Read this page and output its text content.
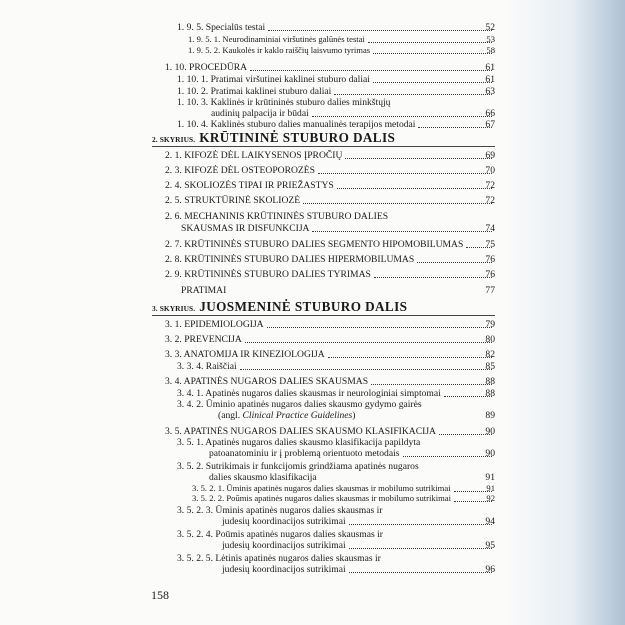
1. 9. 5. Specialūs testai	52
1. 9. 5. 1. Neurodinaminiai viršutinės galūnės testai	53
1. 9. 5. 2. Kaukolės ir kaklo raiščių laisvumo tyrimas	58
1. 10. PROCEDŪRA	61
1. 10. 1. Pratimai viršutinei kaklinei stuburo daliai	61
1. 10. 2. Pratimai kaklinei stuburo daliai	63
1. 10. 3. Kaklinės ir krūtininės stuburo dalies minkštųjų
audinių palpacija ir būdai	66
1. 10. 4. Kaklinės stuburo dalies manualinės terapijos metodai	67
2. SKYRIUS. KRŪTININĖ STUBURO DALIS
2. 1. KIFOZĖ DĖL LAIKYSENOS ĮPROČIŲ	69
2. 3. KIFOZĖ DĖL OSTEOPOROZĖS	70
2. 4. SKOLIOZĖS TIPAI IR PRIEŽASTYS	72
2. 5. STRUKTŪRINĖ SKOLIOZĖ	72
2. 6. MECHANINIS KRŪTININĖS STUBURO DALIES
SKAUSMAS IR DISFUNKCIJA	74
2. 7. KRŪTININĖS STUBURO DALIES SEGMENTO HIPOMOBILUMAS 75
2. 8. KRŪTININĖS STUBURO DALIES HIPERMOBILUMAS	76
2. 9. KRŪTININĖS STUBURO DALIES TYRIMAS	76
PRATIMAI	77
3. SKYRIUS. JUOSMENINĖ STUBURO DALIS
3. 1. EPIDEMIOLOGIJA	79
3. 2. PREVENCIJA	80
3. 3. ANATOMIJA IR KINEZIOLOGIJA	82
3. 3. 4. Raiščiai	85
3. 4. APATINĖS NUGAROS DALIES SKAUSMAS	88
3. 4. 1. Apatinės nugaros dalies skausmas ir neurologiniai simptomai	88
3. 4. 2. Ūminio apatinės nugaros dalies skausmo gydymo gairės
(angl. Clinical Practice Guidelines)	89
3. 5. APATINĖS NUGAROS DALIES SKAUSMO KLASIFIKACIJA	90
3. 5. 1. Apatinės nugaros dalies skausmo klasifikacija papildyta
patoanatominiu ir į problemą orientuoto metodais	90
3. 5. 2. Sutrikimais ir funkcijomis grindžiama apatinės nugaros
dalies skausmo klasifikacija	91
3. 5. 2. 1. Ūminis apatinės nugaros dalies skausmas ir mobilumo sutrikimai	91
3. 5. 2. 2. Poūmis apatinės nugaros dalies skausmas ir mobilumo sutrikimai	92
3. 5. 2. 3. Ūminis apatinės nugaros dalies skausmas ir
judesių koordinacijos sutrikimai	94
3. 5. 2. 4. Poūmis apatinės nugaros dalies skausmas ir
judesių koordinacijos sutrikimai	95
3. 5. 2. 5. Lėtinis apatinės nugaros dalies skausmas ir
judesių koordinacijos sutrikimai	96
158
